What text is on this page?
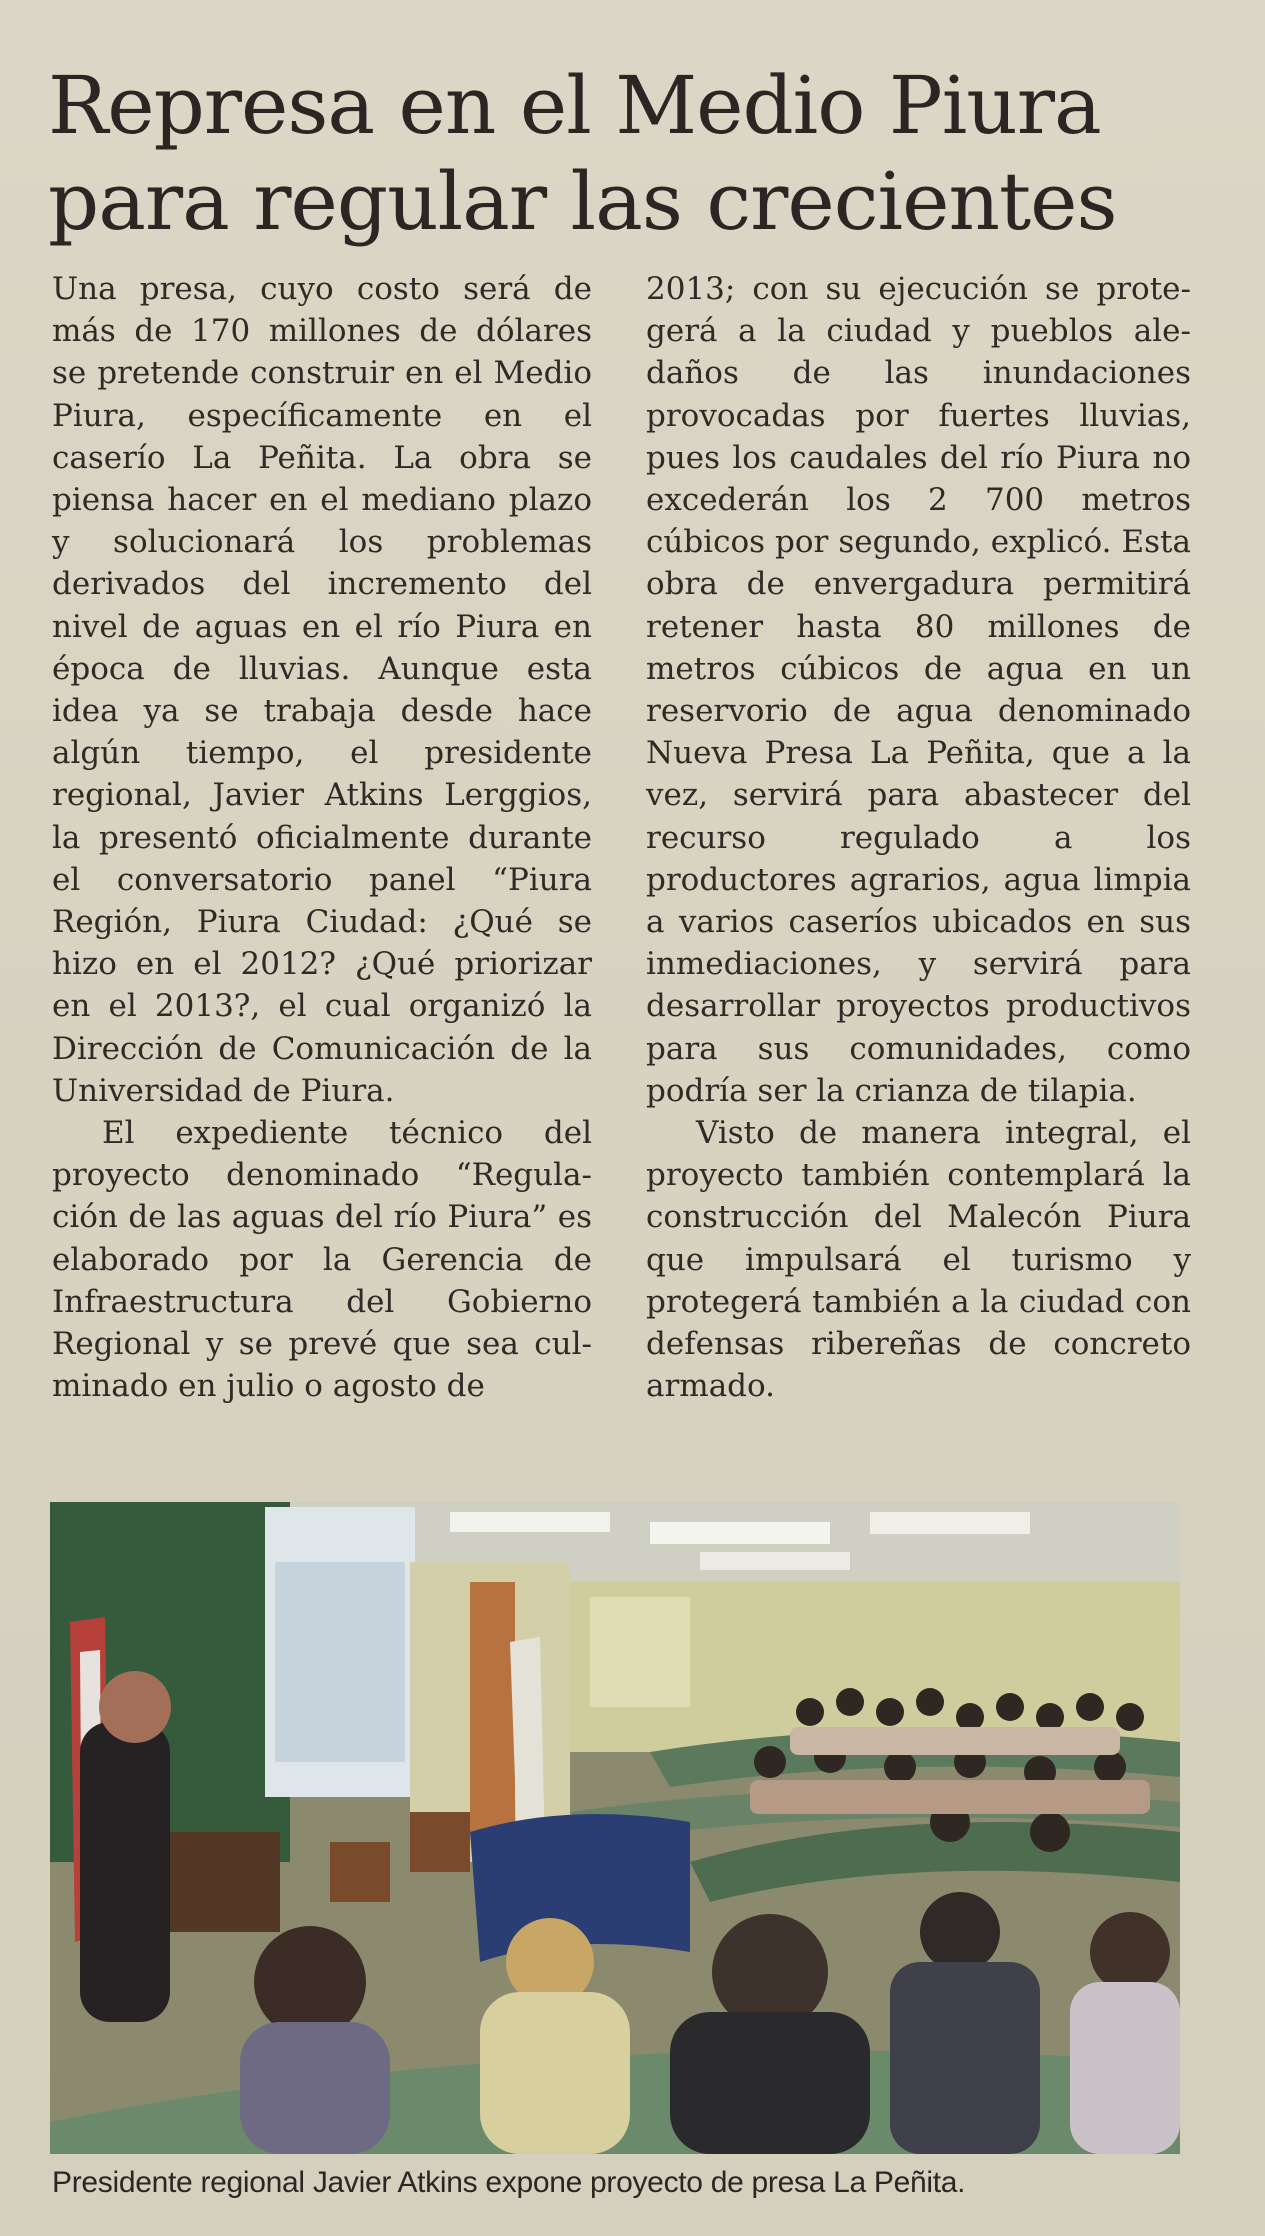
Represa en el Medio Piura para regular las crecientes

Una presa, cuyo costo será de más de 170 millones de dólares se pretende construir en el Medio Piura, específicamente en el caserío La Peñita. La obra se piensa hacer en el mediano plazo y solucionará los problemas derivados del incremento del nivel de aguas en el río Piura en época de lluvias. Aunque esta idea ya se trabaja desde hace algún tiempo, el presidente regional, Javier Atkins Lerggios, la presentó oficialmente durante el conversatorio panel “Piura Región, Piura Ciudad: ¿Qué se hizo en el 2012? ¿Qué priorizar en el 2013?, el cual organizó la Dirección de Comunicación de la Universidad de Piura.

El expediente técnico del proyecto denominado “Regulación de las aguas del río Piura” es elaborado por la Gerencia de Infraestructura del Gobierno Regional y se prevé que sea culminado en julio o agosto de

2013; con su ejecución se protegerá a la ciudad y pueblos aledaños de las inundaciones provocadas por fuertes lluvias, pues los caudales del río Piura no excederán los 2 700 metros cúbicos por segundo, explicó. Esta obra de envergadura permitirá retener hasta 80 millones de metros cúbicos de agua en un reservorio de agua denominado Nueva Presa La Peñita, que a la vez, servirá para abastecer del recurso regulado a los productores agrarios, agua limpia a varios caseríos ubicados en sus inmediaciones, y servirá para desarrollar proyectos productivos para sus comunidades, como podría ser la crianza de tilapia.

Visto de manera integral, el proyecto también contemplará la construcción del Malecón Piura que impulsará el turismo y protegerá también a la ciudad con defensas ribereñas de concreto armado.

Presidente regional Javier Atkins expone proyecto de presa La Peñita.
